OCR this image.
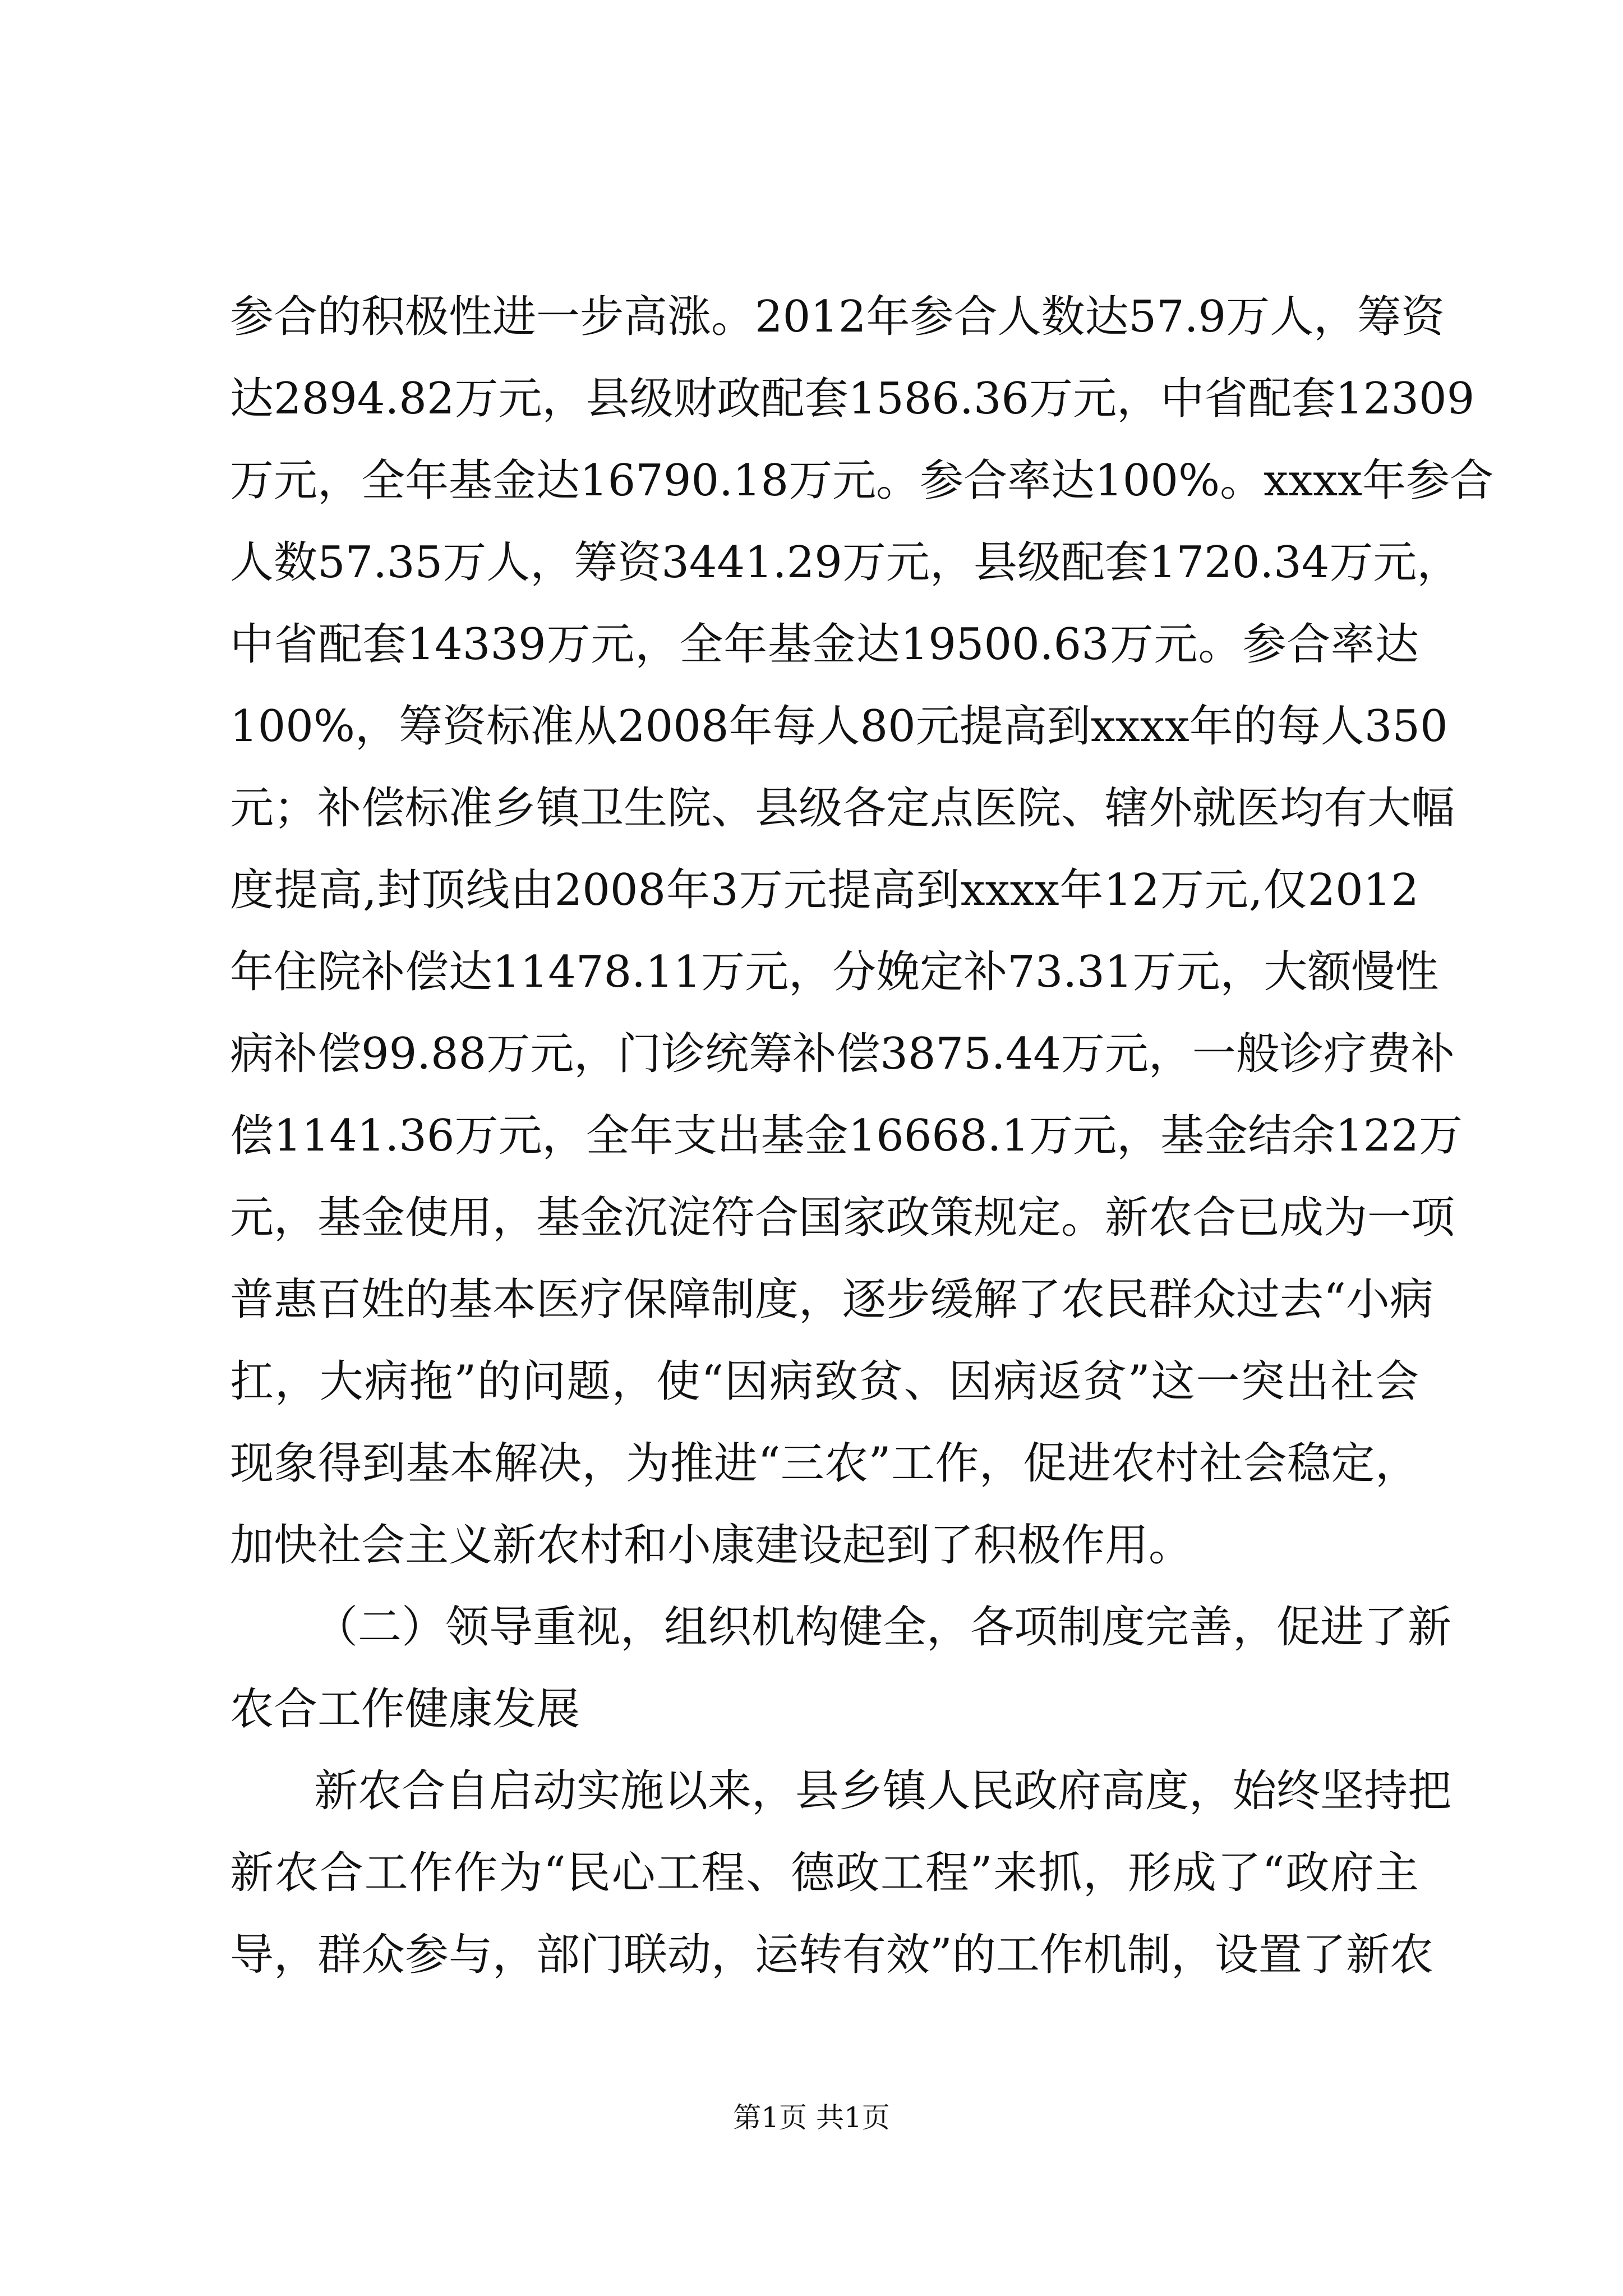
参合的积极性进一步高涨。2012年参合人数达57.9万人，筹资
达2894.82万元，县级财政配套1586.36万元，中省配套12309
万元，全年基金达16790.18万元。参合率达100%。xxxx年参合
人数57.35万人，筹资3441.29万元，县级配套1720.34万元，
中省配套14339万元，全年基金达19500.63万元。参合率达
100%，筹资标准从2008年每人80元提高到xxxx年的每人350
元；补偿标准乡镇卫生院、县级各定点医院、辖外就医均有大幅
度提高,封顶线由2008年3万元提高到xxxx年12万元,仅2012
年住院补偿达11478.11万元，分娩定补73.31万元，大额慢性
病补偿99.88万元，门诊统筹补偿3875.44万元，一般诊疗费补
偿1141.36万元，全年支出基金16668.1万元，基金结余122万
元，基金使用，基金沉淀符合国家政策规定。新农合已成为一项
普惠百姓的基本医疗保障制度，逐步缓解了农民群众过去“小病
扛，大病拖”的问题，使“因病致贫、因病返贫”这一突出社会
现象得到基本解决，为推进“三农”工作，促进农村社会稳定，
加快社会主义新农村和小康建设起到了积极作用。
（二）领导重视，组织机构健全，各项制度完善，促进了新
农合工作健康发展
新农合自启动实施以来，县乡镇人民政府高度，始终坚持把
新农合工作作为“民心工程、德政工程”来抓，形成了“政府主
导，群众参与，部门联动，运转有效”的工作机制，设置了新农
第1页 共1页
